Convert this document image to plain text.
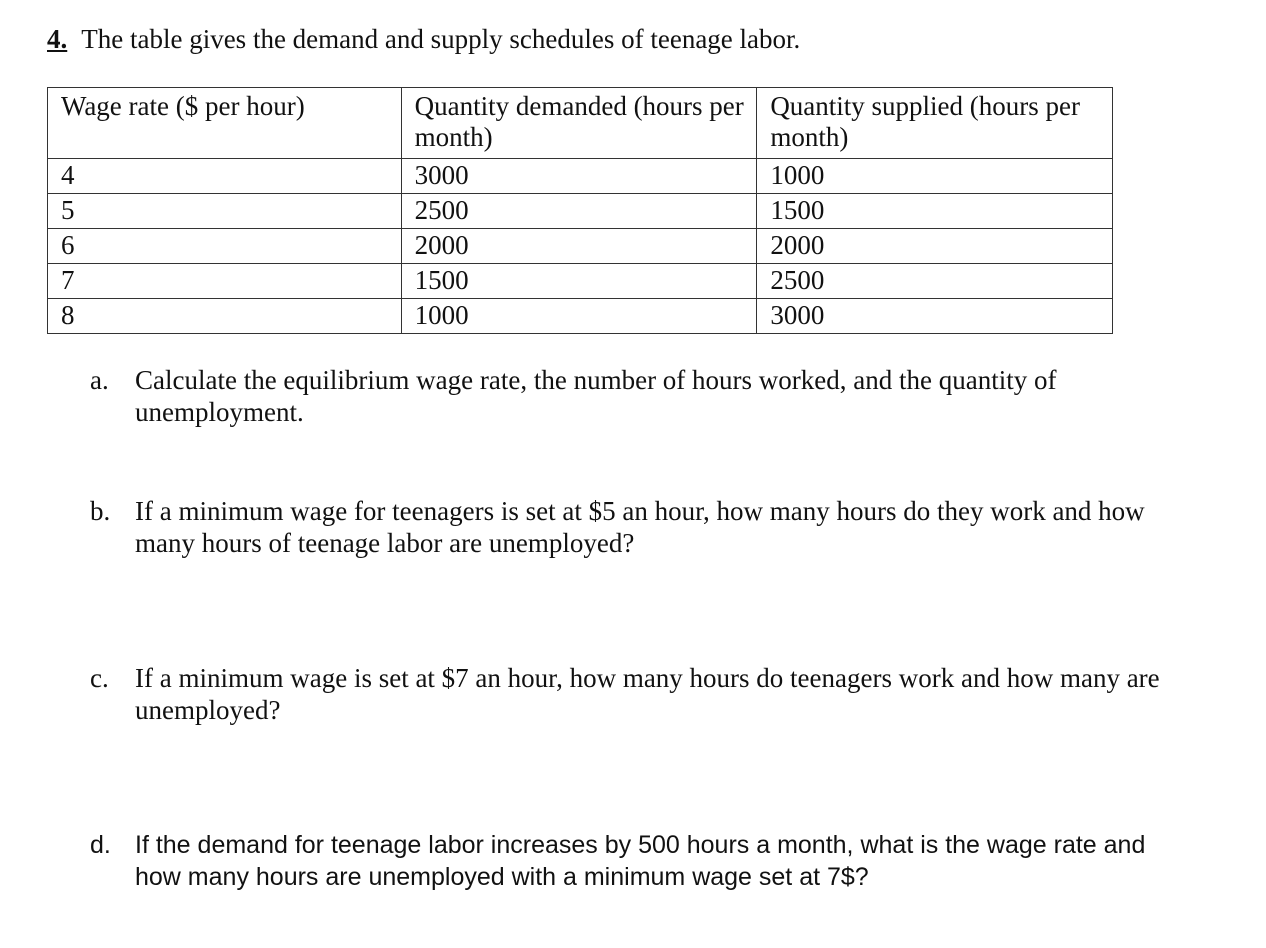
4. The table gives the demand and supply schedules of teenage labor.
Wage rate ($ per hour)	Quantity demanded (hours per month)	Quantity supplied (hours per month)
4	3000	1000
5	2500	1500
6	2000	2000
7	1500	2500
8	1000	3000
a. Calculate the equilibrium wage rate, the number of hours worked, and the quantity of unemployment.
b. If a minimum wage for teenagers is set at $5 an hour, how many hours do they work and how many hours of teenage labor are unemployed?
c. If a minimum wage is set at $7 an hour, how many hours do teenagers work and how many are unemployed?
d. If the demand for teenage labor increases by 500 hours a month, what is the wage rate and how many hours are unemployed with a minimum wage set at 7$?
